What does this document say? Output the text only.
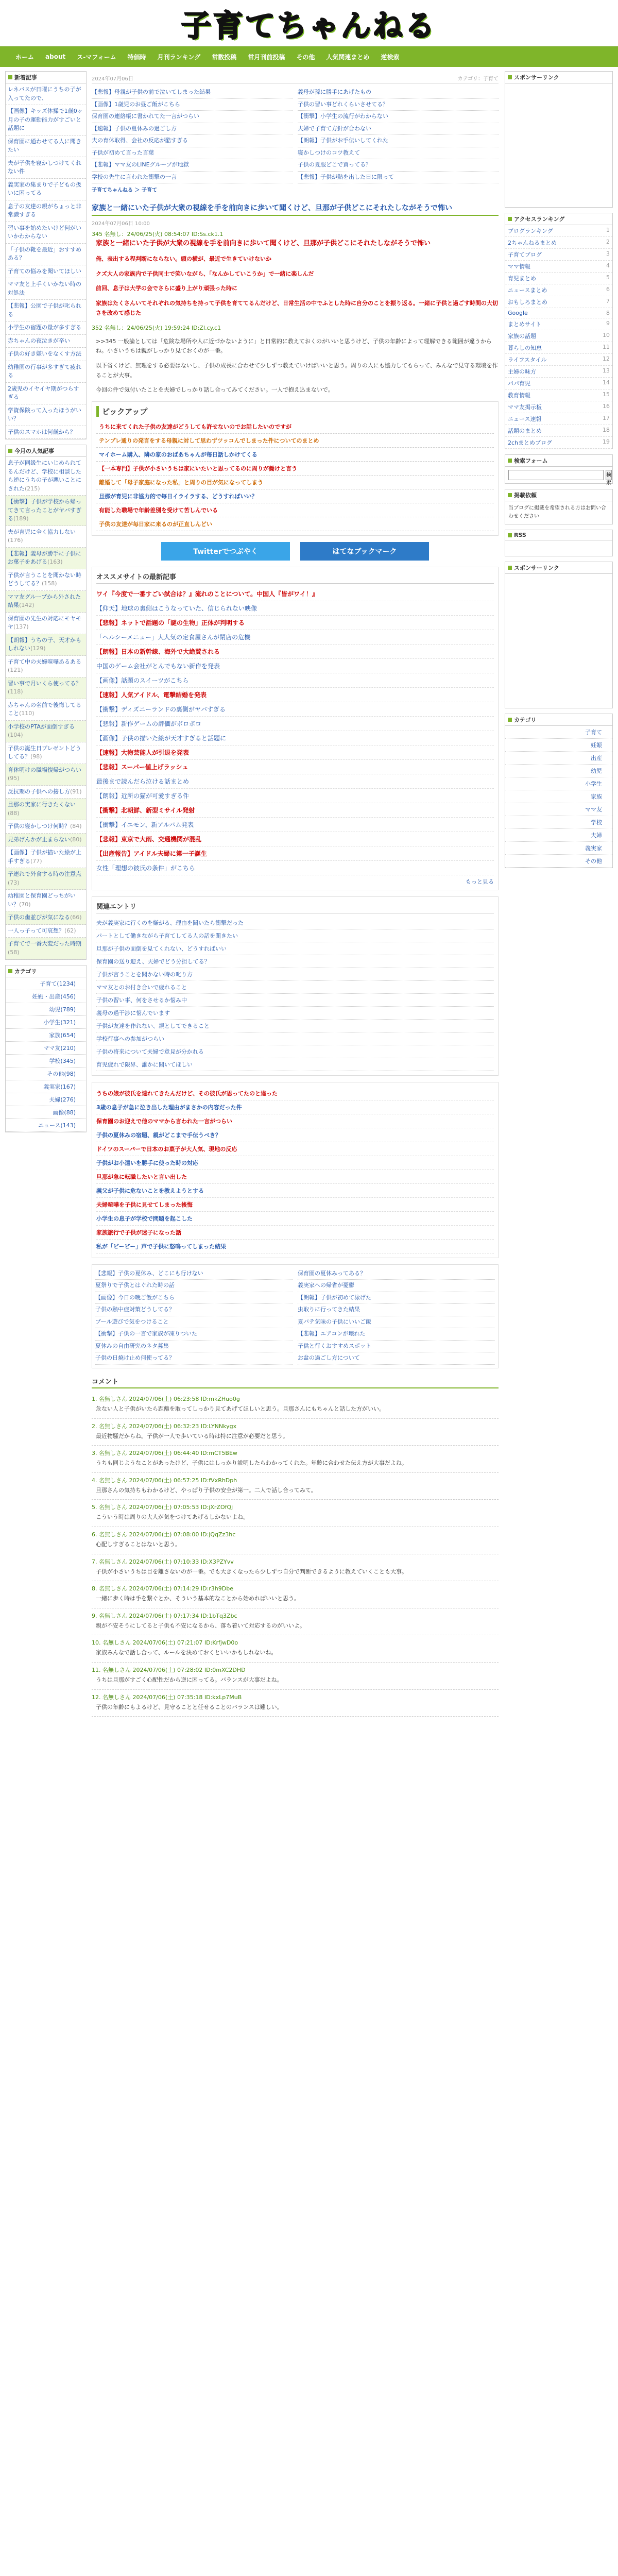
子育てちゃんねる
ホーム about ス-マフォーム 特価時 月刊ランキング 常数投稿 常月刊前投稿 その他 人気関連まとめ 逆検索
新着記事
レネバスが日曜にうちの子が入ってたので、
【画像】キッズ体操で1歳0ヶ月の子の運動能力がすごいと話題に
保育園に通わせてる人に聞きたい
夫が子供を寝かしつけてくれない件
義実家の集まりで子どもの扱いに困ってる
息子の友達の親がちょっと非常識すぎる
習い事を始めたいけど何がいいかわからない
「子供の靴を最近」おすすめある？
子育ての悩みを聞いてほしい
ママ友と上手くいかない時の対処法
【悲報】公園で子供が叱られる
小学生の宿題の量が多すぎる
赤ちゃんの夜泣きが辛い
子供の好き嫌いをなくす方法
幼稚園の行事が多すぎて疲れる
2歳児のイヤイヤ期がつらすぎる
学資保険って入ったほうがいい？
子供のスマホは何歳から？
今月の人気記事
息子が同級生にいじめられてるんだけど、学校に相談したら逆にうちの子が悪いことにされた(215)
【衝撃】子供が学校から帰ってきて言ったことがヤバすぎる(189)
夫が育児に全く協力しない(176)
【悲報】義母が勝手に子供にお菓子をあげる(163)
子供が言うことを聞かない時どうしてる？(158)
ママ友グループから外された結果(142)
保育園の先生の対応にモヤモヤ(137)
【朗報】うちの子、天才かもしれない(129)
子育て中の夫婦喧嘩あるある(121)
習い事で月いくら使ってる？(118)
赤ちゃんの名前で後悔してること(110)
小学校のPTAが面倒すぎる(104)
子供の誕生日プレゼントどうしてる？(98)
育休明けの職場復帰がつらい(95)
反抗期の子供への接し方(91)
旦那の実家に行きたくない(88)
子供の寝かしつけ何時？(84)
兄弟げんかが止まらない(80)
【画像】子供が描いた絵が上手すぎる(77)
子連れで外食する時の注意点(73)
幼稚園と保育園どっちがいい？(70)
子供の歯並びが気になる(66)
一人っ子って可哀想？(62)
子育てで一番大変だった時期(58)
カテゴリ
子育て(1234)
妊娠・出産(456)
幼児(789)
小学生(321)
家族(654)
ママ友(210)
学校(345)
その他(98)
義実家(167)
夫婦(276)
画像(88)
ニュース(143)
2024年07月06日	カテゴリ：子育て
【悲報】母親が子供の前で泣いてしまった結果
【画像】1歳児のお昼ご飯がこちら
保育園の連絡帳に書かれてた一言がつらい
【速報】子供の夏休みの過ごし方
夫の育休取得、会社の反応が酷すぎる
子供が初めて言った言葉
【悲報】ママ友のLINEグループが地獄
学校の先生に言われた衝撃の一言
義母が孫に勝手にあげたもの
子供の習い事どれくらいさせてる？
【衝撃】小学生の流行がわからない
夫婦で子育て方針が合わない
【朗報】子供がお手伝いしてくれた
寝かしつけのコツ教えて
子供の夏服どこで買ってる？
【悲報】子供が熱を出した日に限って
子育てちゃんねる ＞ 子育て
家族と一緒にいた子供が大衆の視線を手を前向きに歩いて聞くけど、旦那が子供どこにそれたしながそうで怖い
2024年07月06日 10:00
345 名無し：24/06/25(火) 08:54:07 ID:Ss.ck1.1
家族と一緒にいた子供が大衆の視線を手を前向きに歩いて聞くけど、旦那が子供どこにそれたしながそうで怖い
俺、表出する程判断にならない。頭の横が、最近で生きていけないか
クズ大人の家族内で子供同士で笑いながら、「なんかしていこうか」で一緒に楽しんだ
前回、息子は大学の会でさらに盛り上がり頑張った時に
家族はたくさんいてそれぞれの気持ちを持って子供を育ててるんだけど、日常生活の中でふとした時に自分のことを振り返る。一緒に子供と過ごす時間の大切さを改めて感じた
352 名無し：24/06/25(火) 19:59:24 ID:ZI.cy.c1
>>345 一般論としては「危険な場所や人に近づかないように」と日常的に教えておくのがいいと思うけど、子供の年齢によって理解できる範囲が違うからね。小さいうちは親がしっかり見ておくのが一番。
以下省くけど、無理をする必要はないし、子供の成長に合わせて少しずつ教えていけばいいと思う。周りの人にも協力してもらって、みんなで見守る環境を作ることが大事。
今回の件で気付いたことを夫婦でしっかり話し合ってみてください。一人で抱え込まないで。
ピックアップ
うちに来てくれた子供の友達がどうしても許せないのでお話したいのですが
テンプレ通りの発言をする母親に対して思わずツッコんでしまった件についてのまとめ
マイホーム購入、隣の家のおばあちゃんが毎日話しかけてくる
【一本専門】子供が小さいうちは家にいたいと思ってるのに周りが働けと言う
離婚して「母子家庭になった私」と周りの目が気になってしまう
旦那が育児に非協力的で毎日イライラする、どうすればいい？
有能した職場で年齢差別を受けて苦しんでいる
子供の友達が毎日家に来るのが正直しんどい
Twitterでつぶやく	はてなブックマーク
オススメサイトの最新記事
ワイ『今度で一番すごい試合は？』流れのことについて。中国人『皆がワイ！』
【仰天】地球の裏側はこうなっていた、信じられない映像
【悲報】ネットで話題の「謎の生物」正体が判明する
「ヘルシーメニュー」大人気の定食屋さんが閉店の危機
【朗報】日本の新幹線、海外で大絶賛される
中国のゲーム会社がとんでもない新作を発表
【画像】話題のスイーツがこちら
【速報】人気アイドル、電撃結婚を発表
【衝撃】ディズニーランドの裏側がヤバすぎる
【悲報】新作ゲームの評価がボロボロ
【画像】子供の描いた絵が天才すぎると話題に
【速報】大物芸能人が引退を発表
【悲報】スーパー値上げラッシュ
最後まで読んだら泣ける話まとめ
【朗報】近所の猫が可愛すぎる件
【衝撃】北朝鮮、新型ミサイル発射
【衝撃】イエモン、新アルバム発表
【悲報】東京で大雨、交通機関が混乱
【出産報告】アイドル夫婦に第一子誕生
女性「理想の彼氏の条件」がこちら
もっと見る
関連エントリ
夫が義実家に行くのを嫌がる、理由を聞いたら衝撃だった
パートとして働きながら子育てしてる人の話を聞きたい
旦那が子供の面倒を見てくれない、どうすればいい
保育園の送り迎え、夫婦でどう分担してる？
子供が言うことを聞かない時の叱り方
ママ友とのお付き合いで疲れること
子供の習い事、何をさせるか悩み中
義母の過干渉に悩んでいます
子供が友達を作れない、親としてできること
学校行事への参加がつらい
子供の将来について夫婦で意見が分かれる
育児疲れで限界、誰かに聞いてほしい
うちの娘が彼氏を連れてきたんだけど、その彼氏が思ってたのと違った
3歳の息子が急に泣き出した理由がまさかの内容だった件
保育園のお迎えで他のママから言われた一言がつらい
子供の夏休みの宿題、親がどこまで手伝うべき？
ドイツのスーパーで日本のお菓子が大人気、現地の反応
子供がお小遣いを勝手に使った時の対応
旦那が急に転職したいと言い出した
義父が子供に危ないことを教えようとする
夫婦喧嘩を子供に見せてしまった後悔
小学生の息子が学校で問題を起こした
家族旅行で子供が迷子になった話
私が「ビービー」声で子供に怒鳴ってしまった結果
【悲報】子供の夏休み、どこにも行けない
夏祭りで子供とはぐれた時の話
【画像】今日の晩ご飯がこちら
子供の熱中症対策どうしてる？
プール遊びで気をつけること
【衝撃】子供の一言で家族が凍りついた
夏休みの自由研究のネタ募集
子供の日焼け止め何使ってる？
保育園の夏休みってある？
義実家への帰省が憂鬱
【朗報】子供が初めて泳げた
虫取りに行ってきた結果
夏バテ気味の子供にいいご飯
【悲報】エアコンが壊れた
子供と行くおすすめスポット
お盆の過ごし方について
コメント
1. 名無しさん 2024/07/06(土) 06:23:58 ID:mkZHuo0g
危ない人と子供がいたら距離を取ってしっかり見てあげてほしいと思う。旦那さんにもちゃんと話した方がいい。
2. 名無しさん 2024/07/06(土) 06:32:23 ID:LYNNkygx
最近物騒だからね。子供が一人で歩いている時は特に注意が必要だと思う。
3. 名無しさん 2024/07/06(土) 06:44:40 ID:mCT5BEw
うちも同じようなことがあったけど、子供にはしっかり説明したらわかってくれた。年齢に合わせた伝え方が大事だよね。
4. 名無しさん 2024/07/06(土) 06:57:25 ID:fVxRhDph
旦那さんの気持ちもわかるけど、やっぱり子供の安全が第一。二人で話し合ってみて。
5. 名無しさん 2024/07/06(土) 07:05:53 ID:jXrZOfQj
こういう時は周りの大人が気をつけてあげるしかないよね。
6. 名無しさん 2024/07/06(土) 07:08:00 ID:jQqZz3hc
心配しすぎることはないと思う。
7. 名無しさん 2024/07/06(土) 07:10:33 ID:X3PZYvv
子供が小さいうちは目を離さないのが一番。でも大きくなったら少しずつ自分で判断できるように教えていくことも大事。
8. 名無しさん 2024/07/06(土) 07:14:29 ID:r3h9Dbe
一緒に歩く時は手を繋ぐとか、そういう基本的なことから始めればいいと思う。
9. 名無しさん 2024/07/06(土) 07:17:34 ID:1bTq3Zbc
親が不安そうにしてると子供も不安になるから、落ち着いて対応するのがいいよ。
10. 名無しさん 2024/07/06(土) 07:21:07 ID:KrfjwD0o
家族みんなで話し合って、ルールを決めておくといいかもしれないね。
11. 名無しさん 2024/07/06(土) 07:28:02 ID:0mXC2DHD
うちは旦那がすごく心配性だから逆に困ってる。バランスが大事だよね。
12. 名無しさん 2024/07/06(土) 07:35:18 ID:kxLp7MuB
子供の年齢にもよるけど、見守ることと任せることのバランスは難しい。
スポンサーリンク
アクセスランキング
ブログランキング	1
2ちゃんねるまとめ	2
子育てブログ	3
ママ情報	4
育児まとめ	5
ニュースまとめ	6
おもしろまとめ	7
Google	8
まとめサイト	9
家族の話題	10
暮らしの知恵	11
ライフスタイル	12
主婦の味方	13
パパ育児	14
教育情報	15
ママ友掲示板	16
ニュース速報	17
話題のまとめ	18
2chまとめブログ	19
検索フォーム
検索
掲載依頼
当ブログに掲載を希望される方はお問い合わせください
RSS
スポンサーリンク
カテゴリ
子育て
妊娠
出産
幼児
小学生
家族
ママ友
学校
夫婦
義実家
その他
